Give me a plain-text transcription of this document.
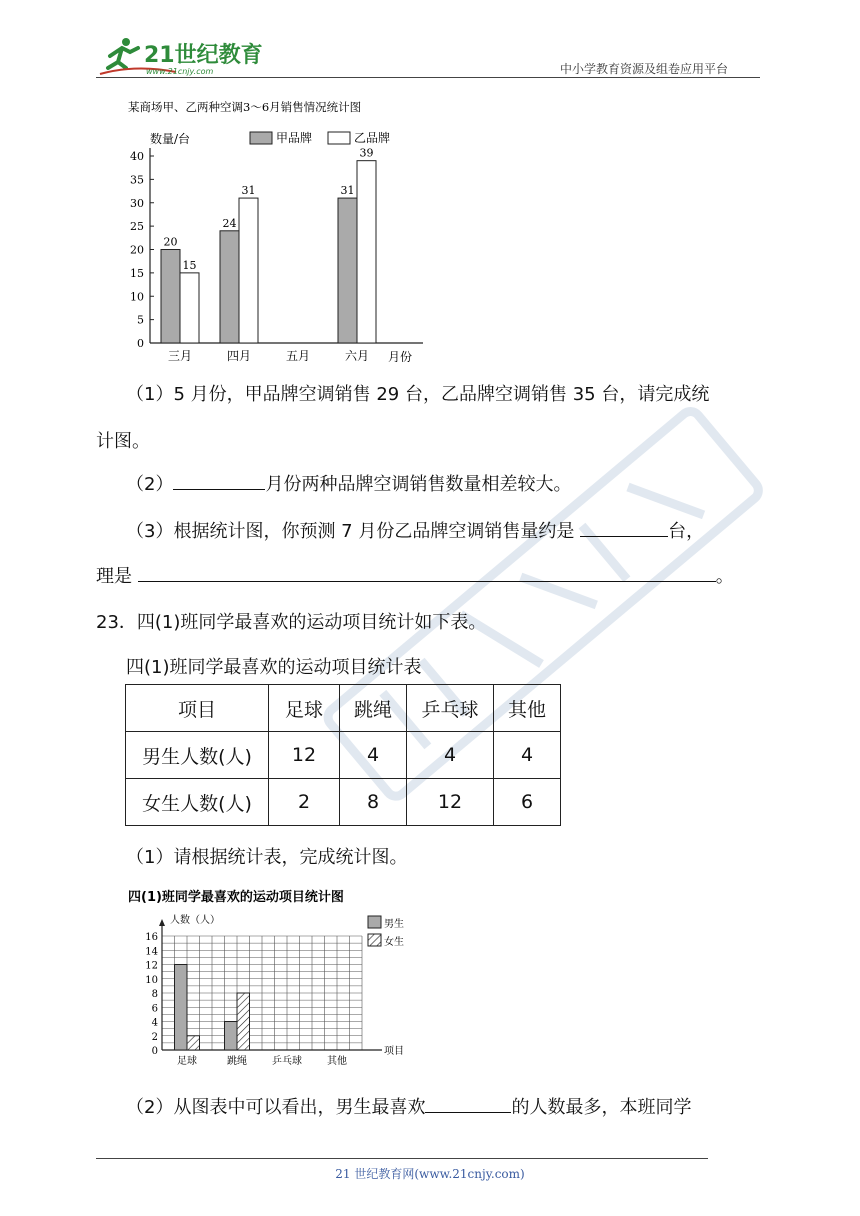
21世纪教育
www.21cnjy.com	中小学教育资源及组卷应用平台
某商场甲、乙两种空调3～6月销售情况统计图
数量/台	甲品牌	乙品牌
0
5
10
15
20
25
30
35
40
20
15
三月
24
31
四月	五月
31
39
六月 月份
（1）5 月份，甲品牌空调销售 29 台，乙品牌空调销售 35 台，请完成统
计图。
（2）	月份两种品牌空调销售数量相差较大。
（3）根据统计图，你预测 7 月份乙品牌空调销售量约是	台，
理是	。
23．四(1)班同学最喜欢的运动项目统计如下表。
四(1)班同学最喜欢的运动项目统计表
项目	足球	跳绳	乒乓球	其他
男生人数(人)	12	4	4	4
女生人数(人)	2	8	12	6
（1）请根据统计表，完成统计图。
四(1)班同学最喜欢的运动项目统计图
人数（人）	男生
女生
0
2
4
6
8
10
12
14
16
足球	跳绳	乒乓球	其他
项目
（2）从图表中可以看出，男生最喜欢	的人数最多，本班同学
21 世纪教育网(www.21cnjy.com)
